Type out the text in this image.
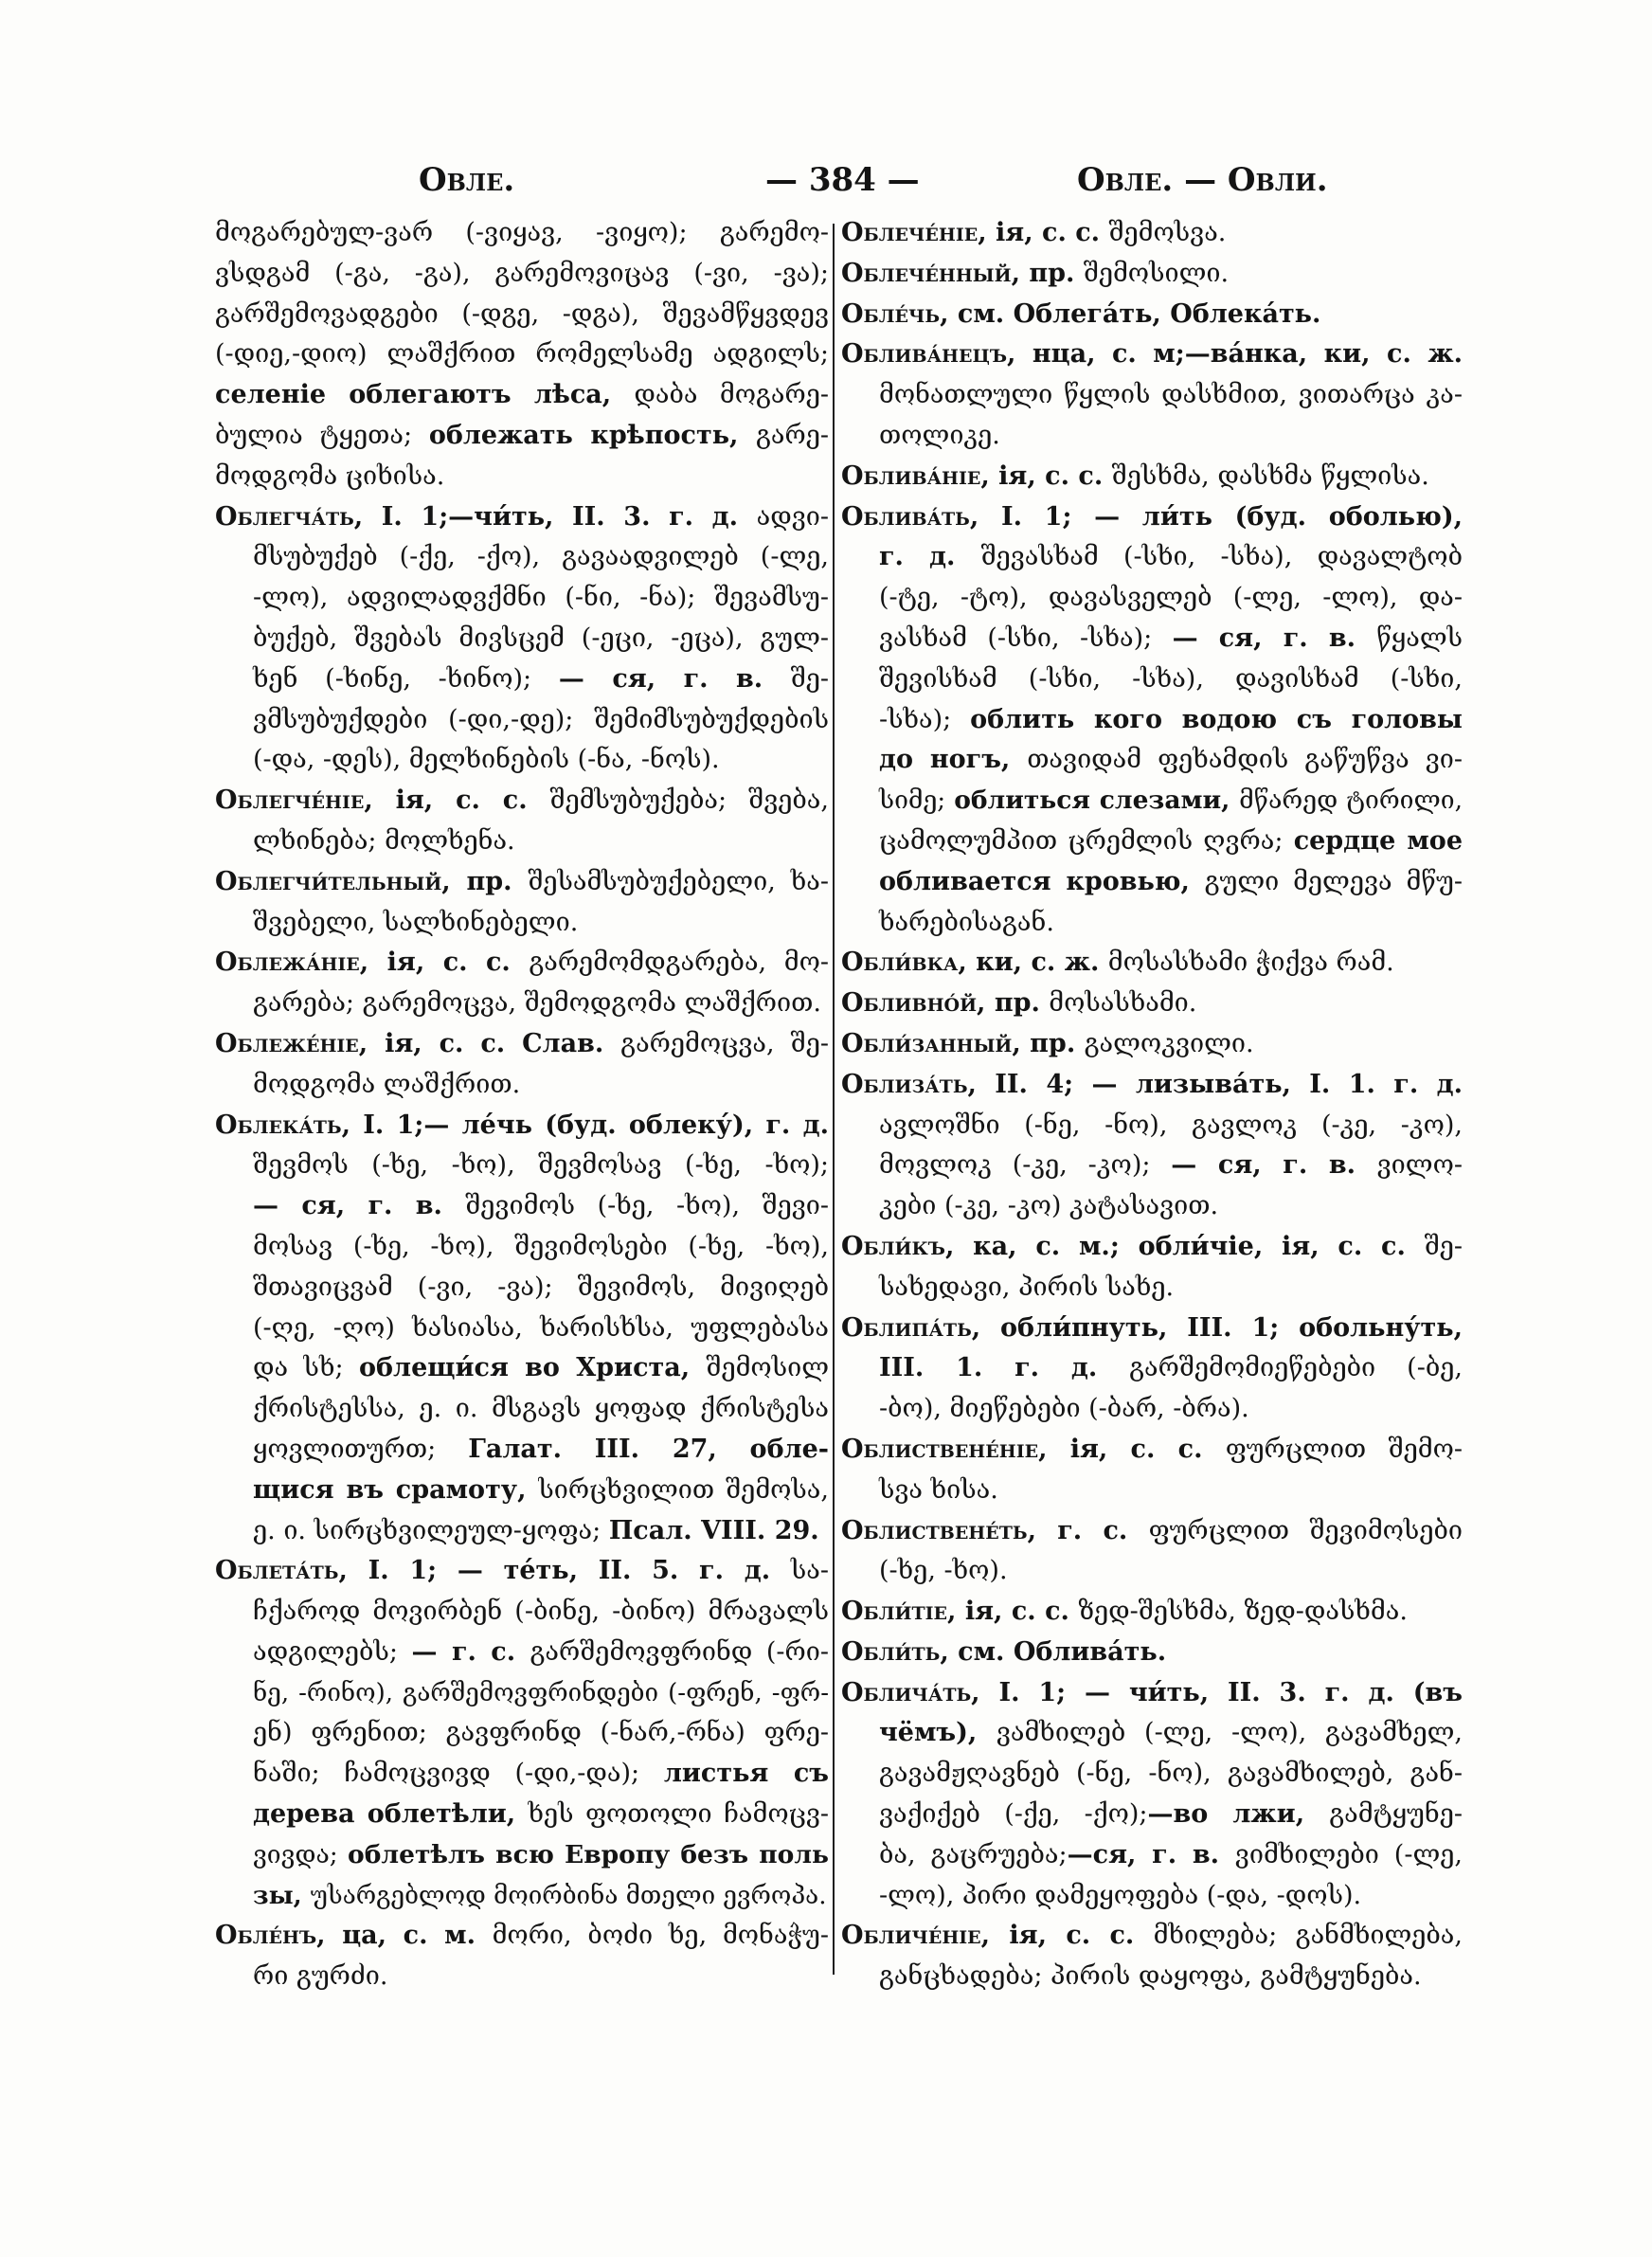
Овле.	— 384 —	Овле. — Овли.
მოგარებულ-ვარ (-ვიყავ, -ვიყო); გარემო-
ვსდგამ (-გა, -გა), გარემოვიცავ (-ვი, -ვა);
გარშემოვადგები (-დგე, -დგა), შევამწყვდევ
(-დიე,-დიო) ლაშქრით რომელსამე ადგილს;
селеніе облегаютъ лѣса, დაბა მოგარე-
ბულია ტყეთა; облежать крѣпость, გარე-
მოდგომა ციხისა.
Облегча́ть, I. 1;—чи́ть, II. 3. г. д. ადვი-
მსუბუქებ (-ქე, -ქო), გავაადვილებ (-ლე,
-ლო), ადვილადვქმნი (-ნი, -ნა); შევამსუ-
ბუქებ, შვებას მივსცემ (-ეცი, -ეცა), გულ-
ხენ (-ხინე, -ხინო); — ся, г. в. შე-
ვმსუბუქდები (-დი,-დე); შემიმსუბუქდების
(-და, -დეს), მელხინების (-ნა, -ნოს).
Облегче́ніе, ія, с. с. შემსუბუქება; შვება,
ლხინება; მოლხენა.
Облегчи́тельный, пр. შესამსუბუქებელი, ხა-
შვებელი, სალხინებელი.
Облежа́ніе, ія, с. с. გარემომდგარება, მო-
გარება; გარემოცვა, შემოდგომა ლაშქრით.
Облеже́ніе, ія, с. с. Слав. გარემოცვა, შე-
მოდგომა ლაშქრით.
Облека́ть, I. 1;— ле́чь (буд. облеку́), г. д.
შევმოს (-ხე, -ხო), შევმოსავ (-ხე, -ხო);
— ся, г. в. შევიმოს (-ხე, -ხო), შევი-
მოსავ (-ხე, -ხო), შევიმოსები (-ხე, -ხო),
შთავიცვამ (-ვი, -ვა); შევიმოს, მივიღებ
(-ღე, -ღო) ხასიასა, ხარისხსა, უფლებასა
და სხ; облещи́ся во Христа, შემოსილ
ქრისტესსა, ე. ი. მსგავს ყოფად ქრისტესა
ყოვლითურთ; Галат. III. 27, обле-
щися въ срамоту, სირცხვილით შემოსა,
ე. ი. სირცხვილეულ-ყოფა; Псал. VIII. 29.
Облета́ть, I. 1; — те́ть, II. 5. г. д. სა-
ჩქაროდ მოვირბენ (-ბინე, -ბინო) მრავალს
ადგილებს; — г. с. გარშემოვფრინდ (-რი-
ნე, -რინო), გარშემოვფრინდები (-ფრენ, -ფრ-
ენ) ფრენით; გავფრინდ (-ნარ,-რნა) ფრე-
ნაში; ჩამოცვივდ (-დი,-და); листья съ
дерева облетѣли, ხეს ფოთოლი ჩამოცვ-
ვივდა; облетѣлъ всю Европу безъ поль
зы, უსარგებლოდ მოირბინა მთელი ევროპა.
Обле́нъ, ца, с. м. მორი, ბოძი ხე, მონაჭუ-
რი გურძი.
Облече́ніе, ія, с. с. შემოსვა.
Облече́нный, пр. შემოსილი.
Обле́чь, см. Облега́ть, Облека́ть.
Облива́нецъ, нца, с. м;—ва́нка, ки, с. ж.
მონათლული წყლის დასხმით, ვითარცა კა-
თოლიკე.
Облива́ніе, ія, с. с. შესხმა, დასხმა წყლისა.
Облива́ть, I. 1; — ли́ть (буд. оболью),
г. д. შევასხამ (-სხი, -სხა), დავალტობ
(-ტე, -ტო), დავასველებ (-ლე, -ლო), და-
ვასხამ (-სხი, -სხა); — ся, г. в. წყალს
შევისხამ (-სხი, -სხა), დავისხამ (-სხი,
-სხა); облить кого водою съ головы
до ногъ, თავიდამ ფეხამდის გაწუწვა ვი-
სიმე; облиться слезами, მწარედ ტირილი,
ცამოლუმპით ცრემლის ღვრა; сердце мое
обливается кровью, გული მელევა მწუ-
ხარებისაგან.
Обли́вка, ки, с. ж. მოსასხამი ჭიქვა რამ.
Обливно́й, пр. მოსასხამი.
Обли́занный, пр. გალოკვილი.
Облиза́ть, II. 4; — лизыва́ть, I. 1. г. д.
ავლოშნი (-ნე, -ნო), გავლოკ (-კე, -კო),
მოვლოკ (-კე, -კო); — ся, г. в. ვილო-
კები (-კე, -კო) კატასავით.
Обли́къ, ка, с. м.; обли́чіе, ія, с. с. შე-
სახედავი, პირის სახე.
Облипа́ть, обли́пнуть, III. 1; обольну́ть,
III. 1. г. д. გარშემომიეწებები (-ბე,
-ბო), მიეწებები (-ბარ, -ბრა).
Облиствене́ніе, ія, с. с. ფურცლით შემო-
სვა ხისა.
Облиствене́ть, г. с. ფურცლით შევიმოსები
(-ხე, -ხო).
Обли́тіе, ія, с. с. ზედ-შესხმა, ზედ-დასხმა.
Обли́ть, см. Облива́ть.
Облича́ть, I. 1; — чи́ть, II. 3. г. д. (въ
чёмъ), ვამხილებ (-ლე, -ლო), გავამხელ,
გავამჟღავნებ (-ნე, -ნო), გავამხილებ, გან-
ვაქიქებ (-ქე, -ქო);—во лжи, გამტყუნე-
ბა, გაცრუება;—ся, г. в. ვიმხილები (-ლე,
-ლო), პირი დამეყოფება (-და, -დოს).
Обличе́ніе, ія, с. с. მხილება; განმხილება,
განცხადება; პირის დაყოფა, გამტყუნება.
